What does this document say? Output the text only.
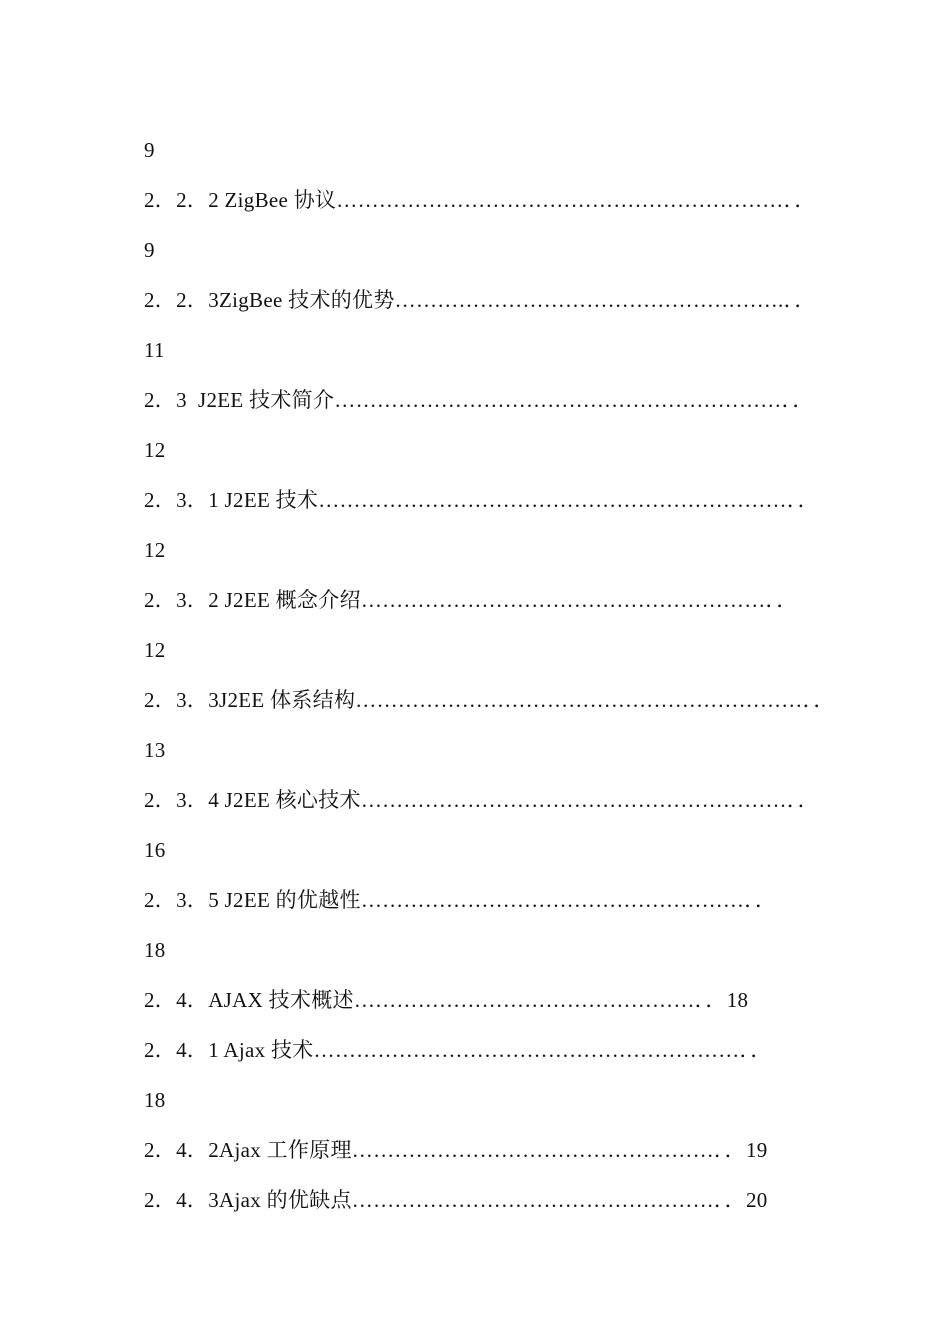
9
2．2．2 ZigBee 协议………………………………………………………．．
9
2．2．3ZigBee 技术的优势……………………………………………….．．
11
2．3  J2EE 技术简介………………………………………………………．．
12
2．3．1 J2EE 技术…………………………………………………………．．
12
2．3．2 J2EE 概念介绍…………………………………………………．．
12
2．3．3J2EE 体系结构………………………………………………………．．
13
2．3．4 J2EE 核心技术……………………………………………………．．
16
2．3．5 J2EE 的优越性………………………………………………．．
18
2．4．AJAX 技术概述…………………………………………．．18
2．4．1 Ajax 技术……………………………………………………．．
18
2．4．2Ajax 工作原理……………………………………………．．19
2．4．3Ajax 的优缺点……………………………………………．．20
